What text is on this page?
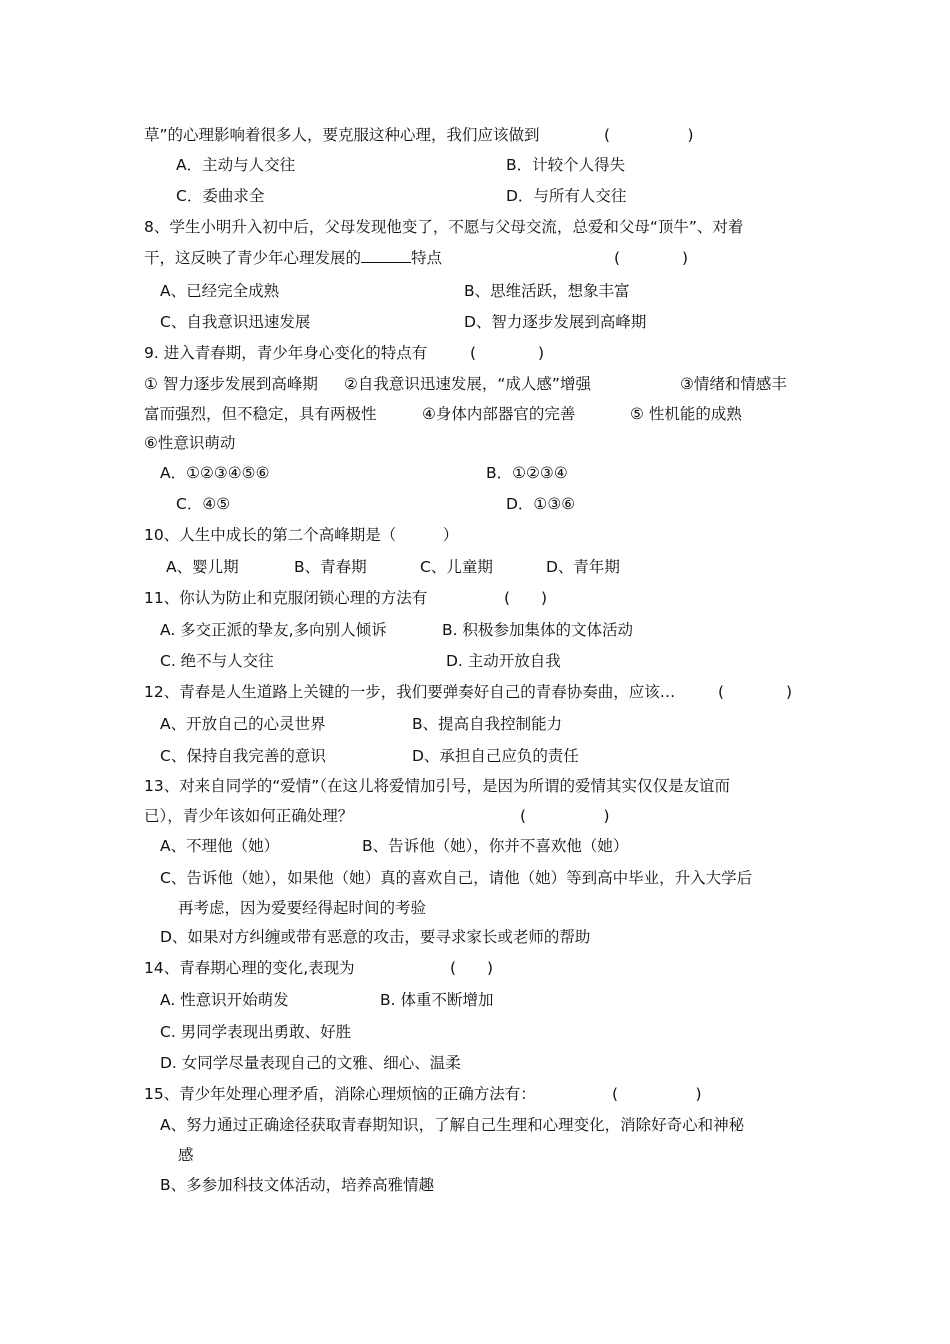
草”的心理影响着很多人，要克服这种心理，我们应该做到	(　　　　　)
A．主动与人交往	B．计较个人得失
C．委曲求全	D．与所有人交往
8、学生小明升入初中后，父母发现他变了，不愿与父母交流，总爱和父母“顶牛”、对着
干，这反映了青少年心理发展的	特点	(　　　　)
A、已经完全成熟	B、思维活跃，想象丰富
C、自我意识迅速发展	D、智力逐步发展到高峰期
9. 进入青春期，青少年身心变化的特点有	(　　　　)
① 智力逐步发展到高峰期 ②自我意识迅速发展，“成人感”增强	③情绪和情感丰
富而强烈，但不稳定，具有两极性	④身体内部器官的完善	⑤ 性机能的成熟
⑥性意识萌动
A．①②③④⑤⑥	B．①②③④
C．④⑤	D．①③⑥
10、人生中成长的第二个高峰期是（　　　）
A、婴儿期	B、青春期	C、儿童期	D、青年期
11、你认为防止和克服闭锁心理的方法有	(　　)
A. 多交正派的挚友,多向别人倾诉	B. 积极参加集体的文体活动
C. 绝不与人交往	D. 主动开放自我
12、青春是人生道路上关键的一步，我们要弹奏好自己的青春协奏曲，应该…	(　　　　)
A、开放自己的心灵世界	B、提高自我控制能力
C、保持自我完善的意识	D、承担自己应负的责任
13、对来自同学的“爱情”（在这儿将爱情加引号，是因为所谓的爱情其实仅仅是友谊而
已），青少年该如何正确处理？	(　　　　　)
A、不理他（她）	B、告诉他（她），你并不喜欢他（她）
C、告诉他（她），如果他（她）真的喜欢自己，请他（她）等到高中毕业，升入大学后
再考虑，因为爱要经得起时间的考验
D、如果对方纠缠或带有恶意的攻击，要寻求家长或老师的帮助
14、青春期心理的变化,表现为	(　　)
A. 性意识开始萌发	B. 体重不断增加
C. 男同学表现出勇敢、好胜
D. 女同学尽量表现自己的文雅、细心、温柔
15、青少年处理心理矛盾，消除心理烦恼的正确方法有：	(　　　　　)
A、努力通过正确途径获取青春期知识，了解自己生理和心理变化，消除好奇心和神秘
感
B、多参加科技文体活动，培养高雅情趣
